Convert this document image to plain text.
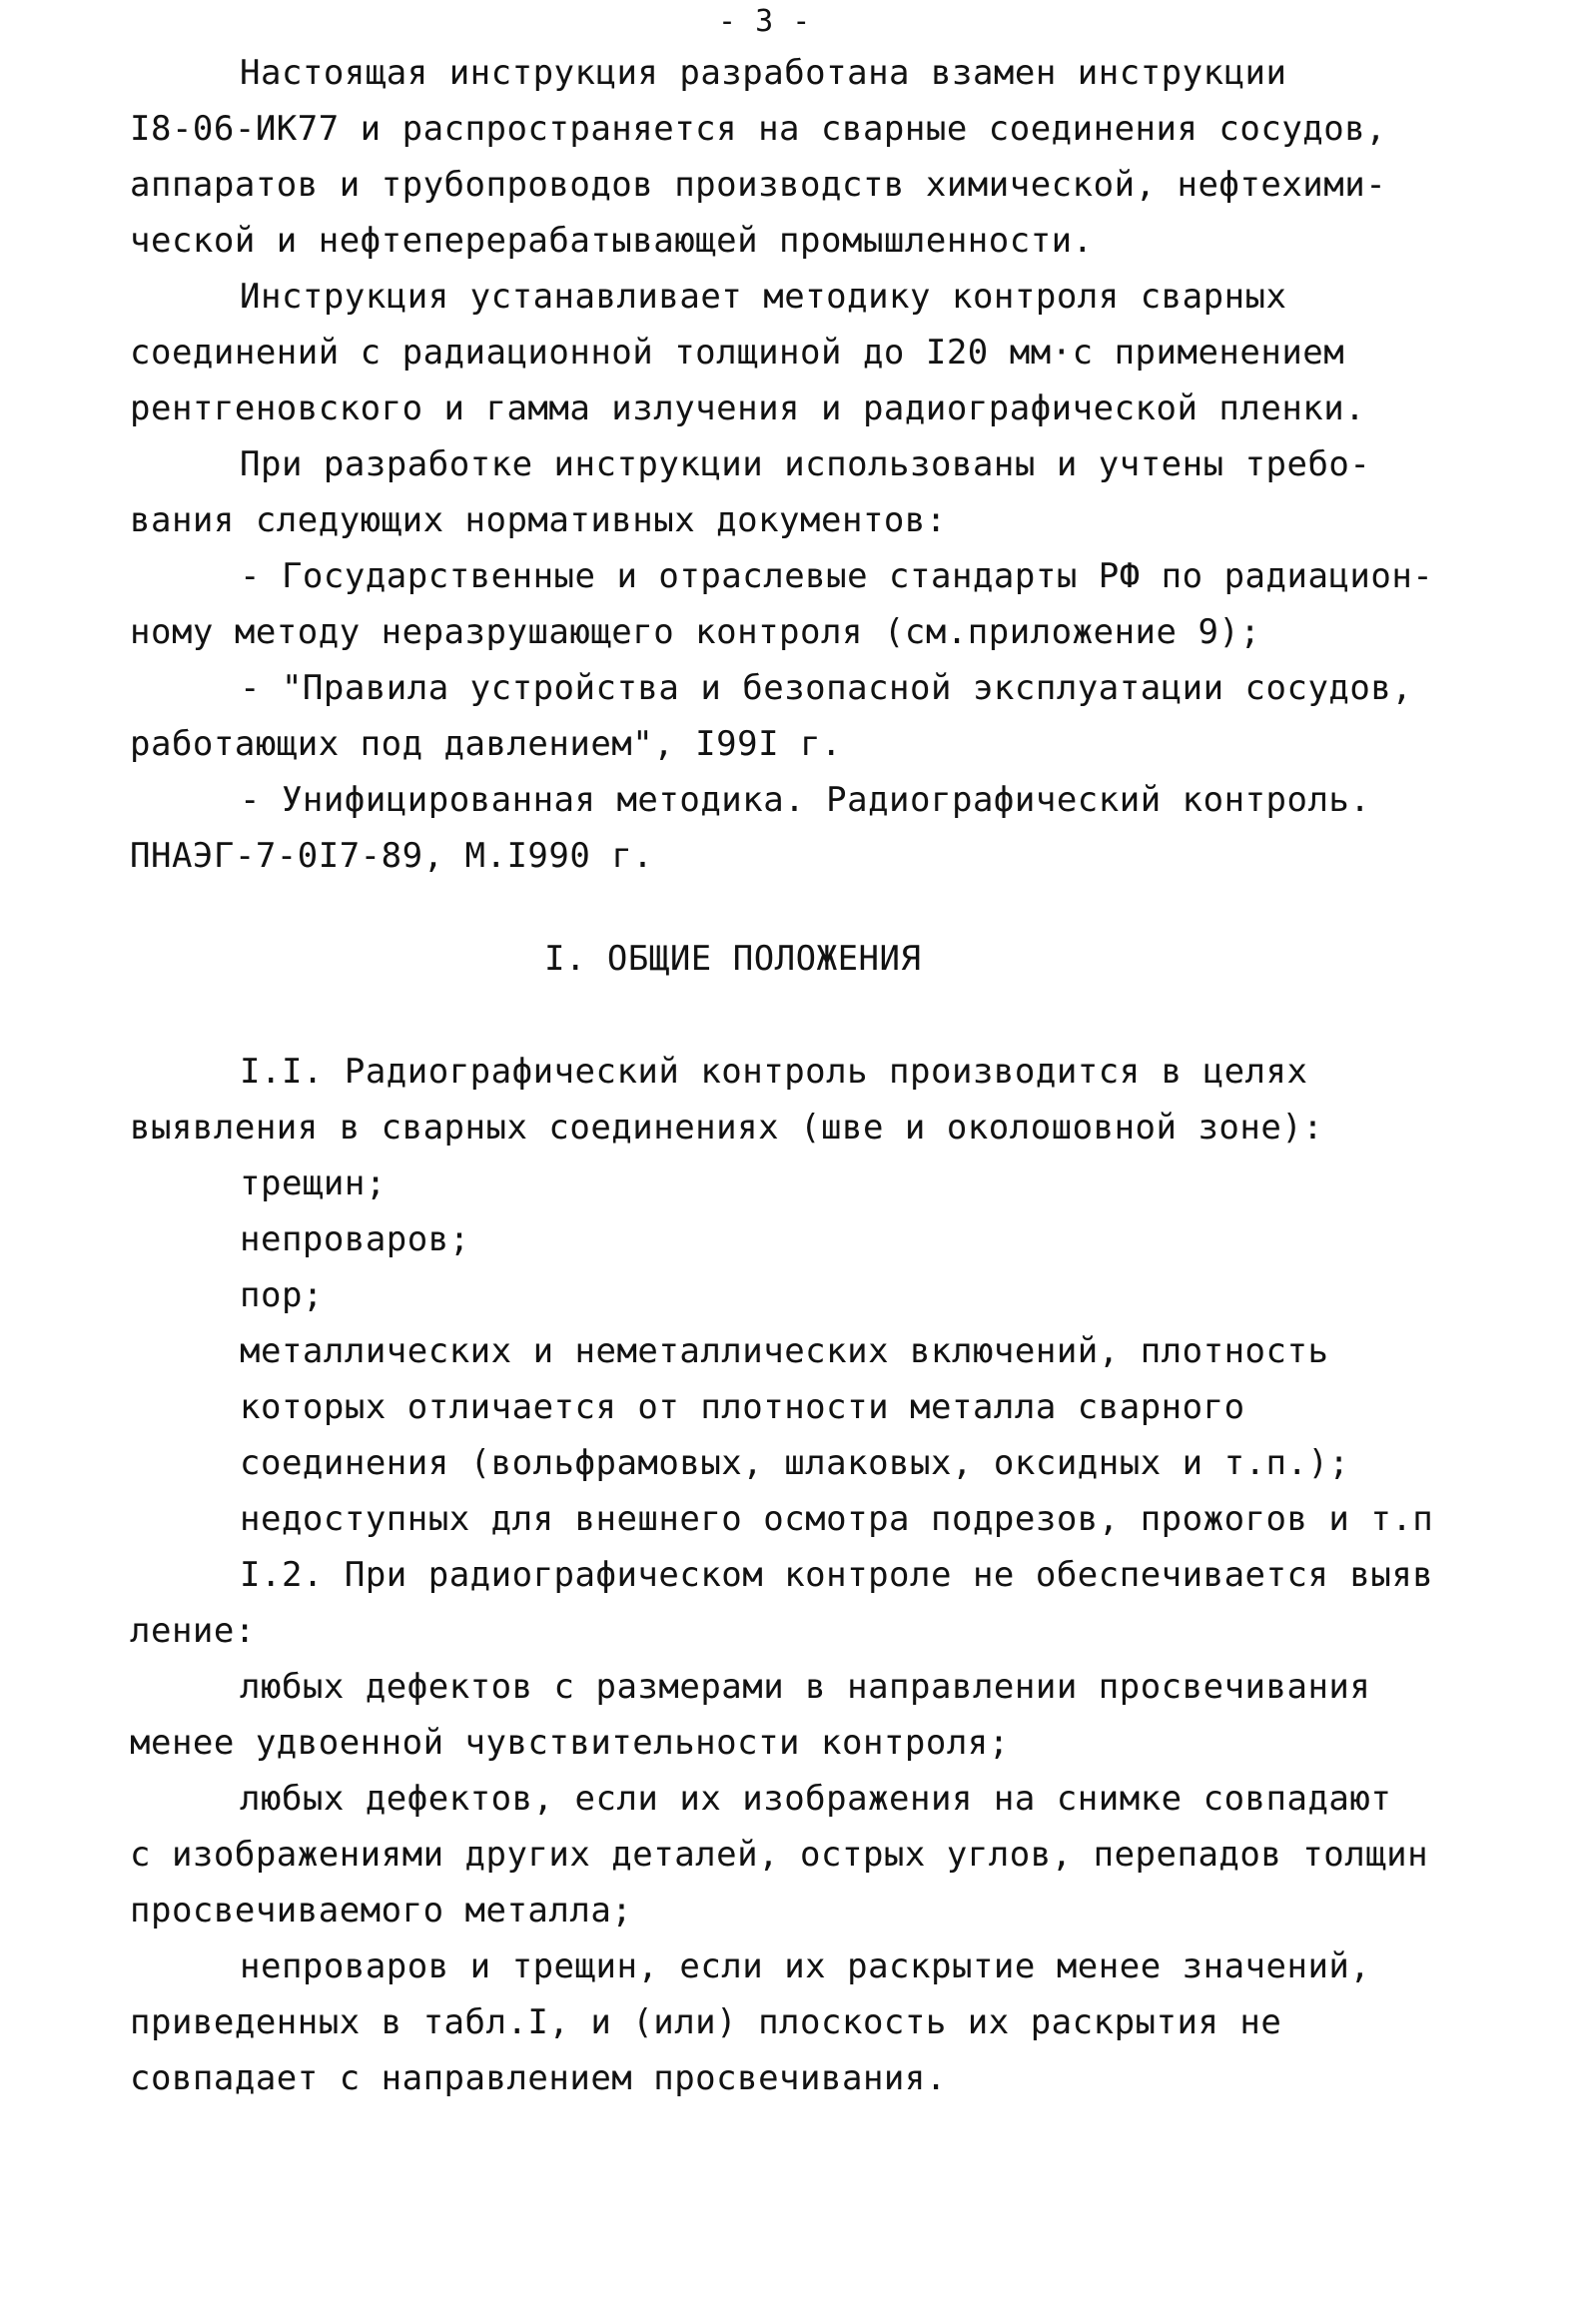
- 3 -
Настоящая инструкция разработана взамен инструкции
I8-06-ИК77 и распространяется на сварные соединения сосудов,
аппаратов и трубопроводов производств химической, нефтехими-
ческой и нефтеперерабатывающей промышленности.
Инструкция устанавливает методику контроля сварных
соединений с радиационной толщиной до I20 мм·с применением
рентгеновского и гамма излучения и радиографической пленки.
При разработке инструкции использованы и учтены требо-
вания следующих нормативных документов:
- Государственные и отраслевые стандарты РФ по радиацион-
ному методу неразрушающего контроля (см.приложение 9);
- "Правила устройства и безопасной эксплуатации сосудов,
работающих под давлением", I99I г.
- Унифицированная методика. Радиографический контроль.
ПНАЭГ-7-0I7-89, М.I990 г.
I. ОБЩИЕ ПОЛОЖЕНИЯ
I.I. Радиографический контроль производится в целях
выявления в сварных соединениях (шве и околошовной зоне):
трещин;
непроваров;
пор;
металлических и неметаллических включений, плотность
которых отличается от плотности металла сварного
соединения (вольфрамовых, шлаковых, оксидных и т.п.);
недоступных для внешнего осмотра подрезов, прожогов и т.п
I.2. При радиографическом контроле не обеспечивается выяв
ление:
любых дефектов с размерами в направлении просвечивания
менее удвоенной чувствительности контроля;
любых дефектов, если их изображения на снимке совпадают
с изображениями других деталей, острых углов, перепадов толщин
просвечиваемого металла;
непроваров и трещин, если их раскрытие менее значений,
приведенных в табл.I, и (или) плоскость их раскрытия не
совпадает с направлением просвечивания.
